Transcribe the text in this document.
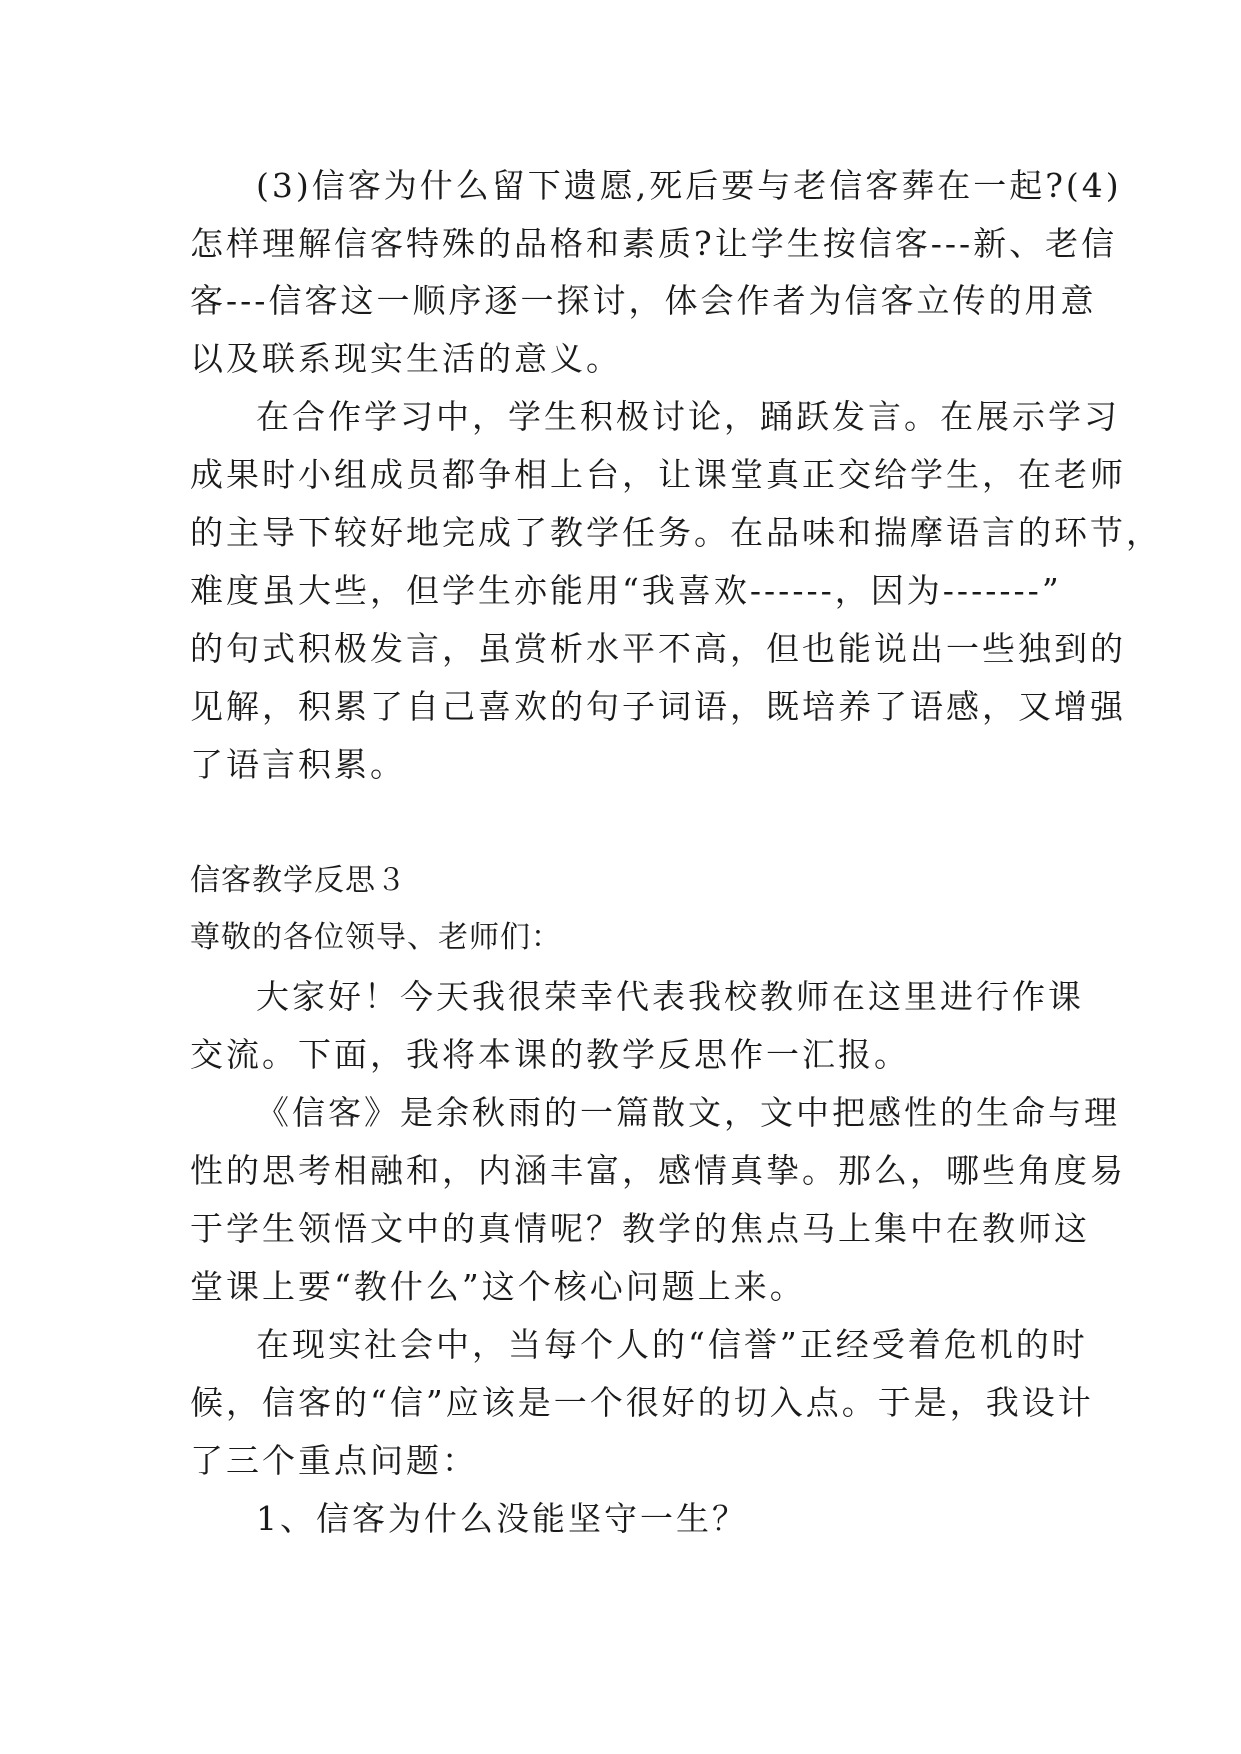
(3)信客为什么留下遗愿,死后要与老信客葬在一起?(4)
怎样理解信客特殊的品格和素质?让学生按信客---新、老信
客---信客这一顺序逐一探讨，体会作者为信客立传的用意
以及联系现实生活的意义。
在合作学习中，学生积极讨论，踊跃发言。在展示学习
成果时小组成员都争相上台，让课堂真正交给学生，在老师
的主导下较好地完成了教学任务。在品味和揣摩语言的环节，
难度虽大些，但学生亦能用“我喜欢------，因为-------”
的句式积极发言，虽赏析水平不高，但也能说出一些独到的
见解，积累了自己喜欢的句子词语，既培养了语感，又增强
了语言积累。
信客教学反思３
尊敬的各位领导、老师们：
大家好！今天我很荣幸代表我校教师在这里进行作课
交流。下面，我将本课的教学反思作一汇报。
《信客》是余秋雨的一篇散文，文中把感性的生命与理
性的思考相融和，内涵丰富，感情真挚。那么，哪些角度易
于学生领悟文中的真情呢？教学的焦点马上集中在教师这
堂课上要“教什么”这个核心问题上来。
在现实社会中，当每个人的“信誉”正经受着危机的时
候，信客的“信”应该是一个很好的切入点。于是，我设计
了三个重点问题：
1、信客为什么没能坚守一生？
